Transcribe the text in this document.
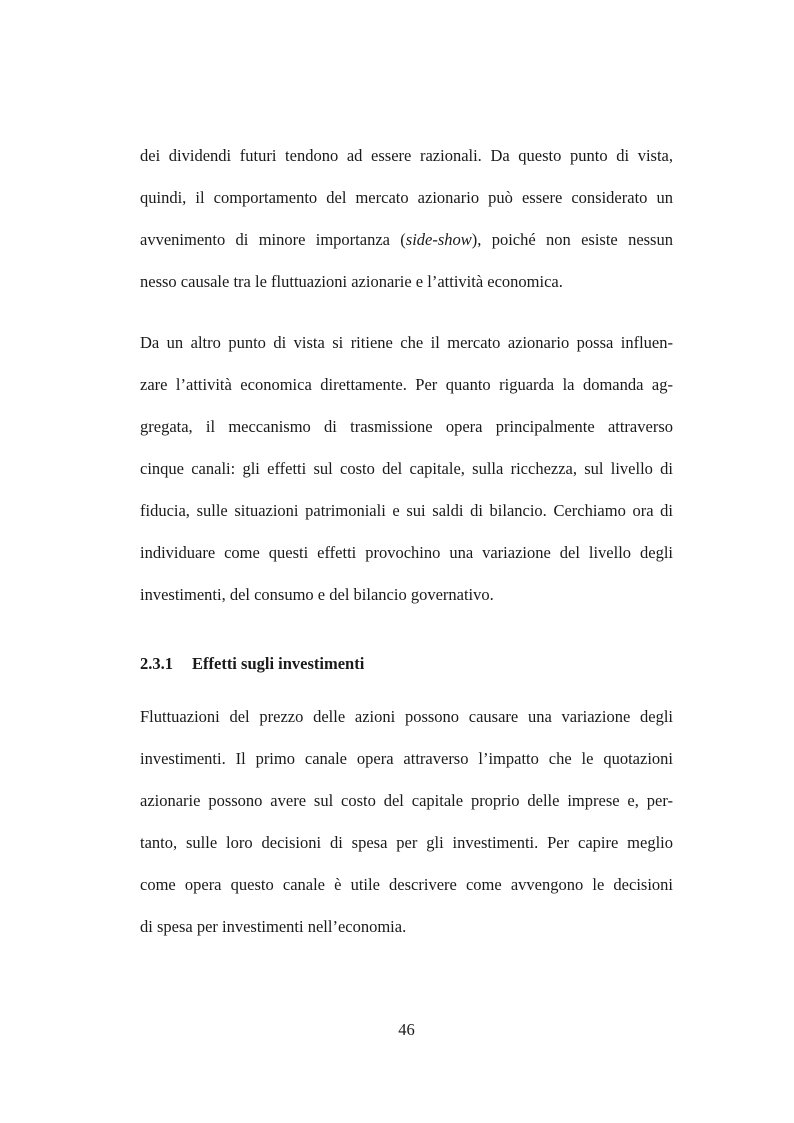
dei dividendi futuri tendono ad essere razionali. Da questo punto di vista,
quindi, il comportamento del mercato azionario può essere considerato un
avvenimento di minore importanza (side-show), poiché non esiste nessun
nesso causale tra le fluttuazioni azionarie e l’attività economica.
Da un altro punto di vista si ritiene che il mercato azionario possa influen-
zare l’attività economica direttamente. Per quanto riguarda la domanda ag-
gregata, il meccanismo di trasmissione opera principalmente attraverso
cinque canali: gli effetti sul costo del capitale, sulla ricchezza, sul livello di
fiducia, sulle situazioni patrimoniali e sui saldi di bilancio. Cerchiamo ora di
individuare come questi effetti provochino una variazione del livello degli
investimenti, del consumo e del bilancio governativo.
2.3.1 Effetti sugli investimenti
Fluttuazioni del prezzo delle azioni possono causare una variazione degli
investimenti. Il primo canale opera attraverso l’impatto che le quotazioni
azionarie possono avere sul costo del capitale proprio delle imprese e, per-
tanto, sulle loro decisioni di spesa per gli investimenti. Per capire meglio
come opera questo canale è utile descrivere come avvengono le decisioni
di spesa per investimenti nell’economia.
46
